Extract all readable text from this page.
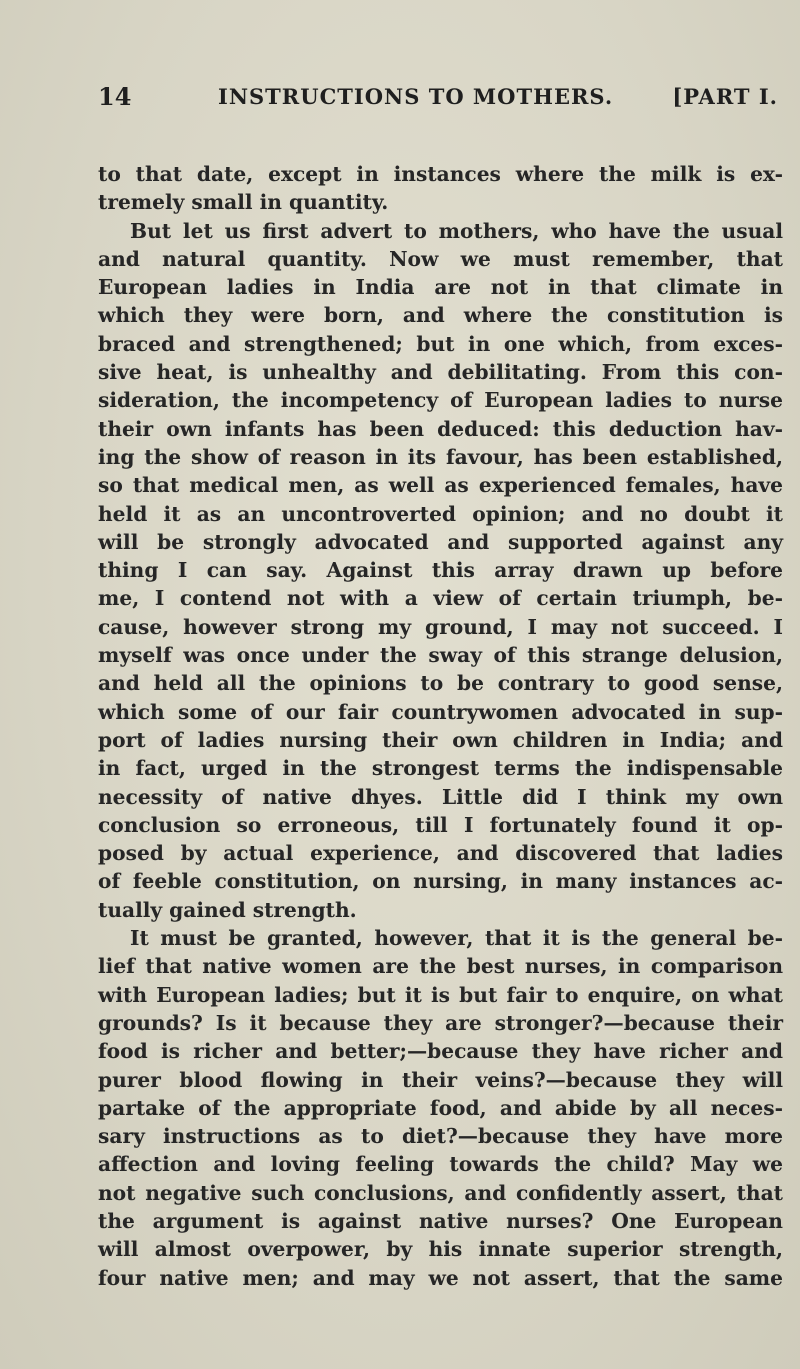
14	INSTRUCTIONS TO MOTHERS.	[PART I.
to that date, except in instances where the milk is ex-
tremely small in quantity.
But let us first advert to mothers, who have the usual
and natural quantity. Now we must remember, that
European ladies in India are not in that climate in
which they were born, and where the constitution is
braced and strengthened; but in one which, from exces-
sive heat, is unhealthy and debilitating. From this con-
sideration, the incompetency of European ladies to nurse
their own infants has been deduced: this deduction hav-
ing the show of reason in its favour, has been established,
so that medical men, as well as experienced females, have
held it as an uncontroverted opinion; and no doubt it
will be strongly advocated and supported against any
thing I can say. Against this array drawn up before
me, I contend not with a view of certain triumph, be-
cause, however strong my ground, I may not succeed. I
myself was once under the sway of this strange delusion,
and held all the opinions to be contrary to good sense,
which some of our fair countrywomen advocated in sup-
port of ladies nursing their own children in India; and
in fact, urged in the strongest terms the indispensable
necessity of native dhyes. Little did I think my own
conclusion so erroneous, till I fortunately found it op-
posed by actual experience, and discovered that ladies
of feeble constitution, on nursing, in many instances ac-
tually gained strength.
It must be granted, however, that it is the general be-
lief that native women are the best nurses, in comparison
with European ladies; but it is but fair to enquire, on what
grounds? Is it because they are stronger?—because their
food is richer and better;—because they have richer and
purer blood flowing in their veins?—because they will
partake of the appropriate food, and abide by all neces-
sary instructions as to diet?—because they have more
affection and loving feeling towards the child? May we
not negative such conclusions, and confidently assert, that
the argument is against native nurses? One European
will almost overpower, by his innate superior strength,
four native men; and may we not assert, that the same
